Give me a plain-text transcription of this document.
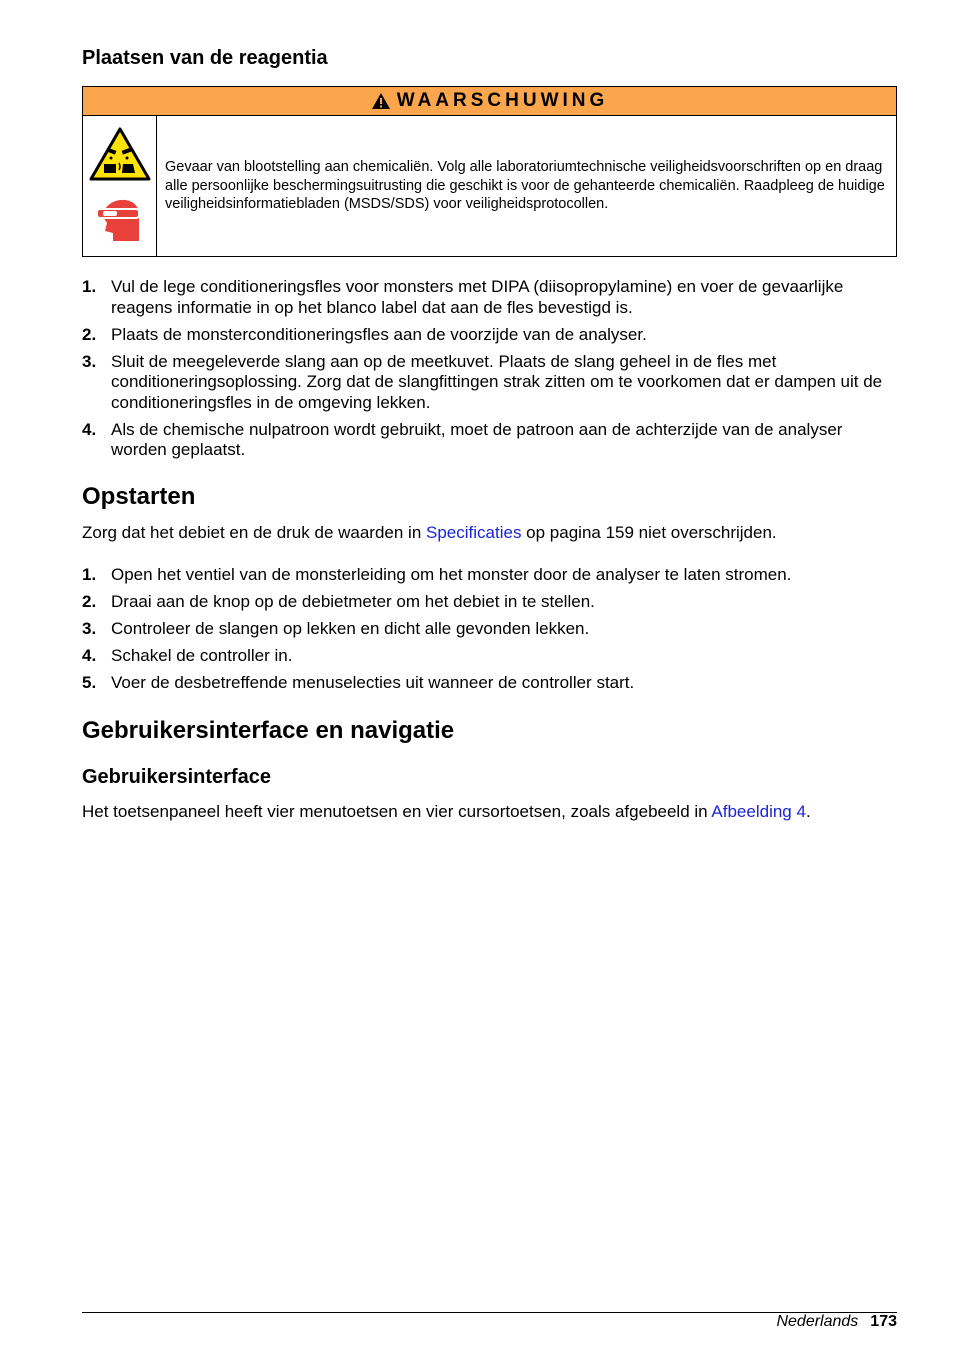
Plaatsen van de reagentia
WAARSCHUWING
Gevaar van blootstelling aan chemicaliën. Volg alle laboratoriumtechnische veiligheidsvoorschriften op en draag alle persoonlijke beschermingsuitrusting die geschikt is voor de gehanteerde chemicaliën. Raadpleeg de huidige veiligheidsinformatiebladen (MSDS/SDS) voor veiligheidsprotocollen.
1. Vul de lege conditioneringsfles voor monsters met DIPA (diisopropylamine) en voer de gevaarlijke reagens informatie in op het blanco label dat aan de fles bevestigd is.
2. Plaats de monsterconditioneringsfles aan de voorzijde van de analyser.
3. Sluit de meegeleverde slang aan op de meetkuvet. Plaats de slang geheel in de fles met conditioneringsoplossing. Zorg dat de slangfittingen strak zitten om te voorkomen dat er dampen uit de conditioneringsfles in de omgeving lekken.
4. Als de chemische nulpatroon wordt gebruikt, moet de patroon aan de achterzijde van de analyser worden geplaatst.
Opstarten

Zorg dat het debiet en de druk de waarden in Specificaties op pagina 159 niet overschrijden.

1. Open het ventiel van de monsterleiding om het monster door de analyser te laten stromen.
2. Draai aan de knop op de debietmeter om het debiet in te stellen.
3. Controleer de slangen op lekken en dicht alle gevonden lekken.
4. Schakel de controller in.
5. Voer de desbetreffende menuselecties uit wanneer de controller start.
Gebruikersinterface en navigatie
Gebruikersinterface

Het toetsenpaneel heeft vier menutoetsen en vier cursortoetsen, zoals afgebeeld in Afbeelding 4.

Nederlands 173
